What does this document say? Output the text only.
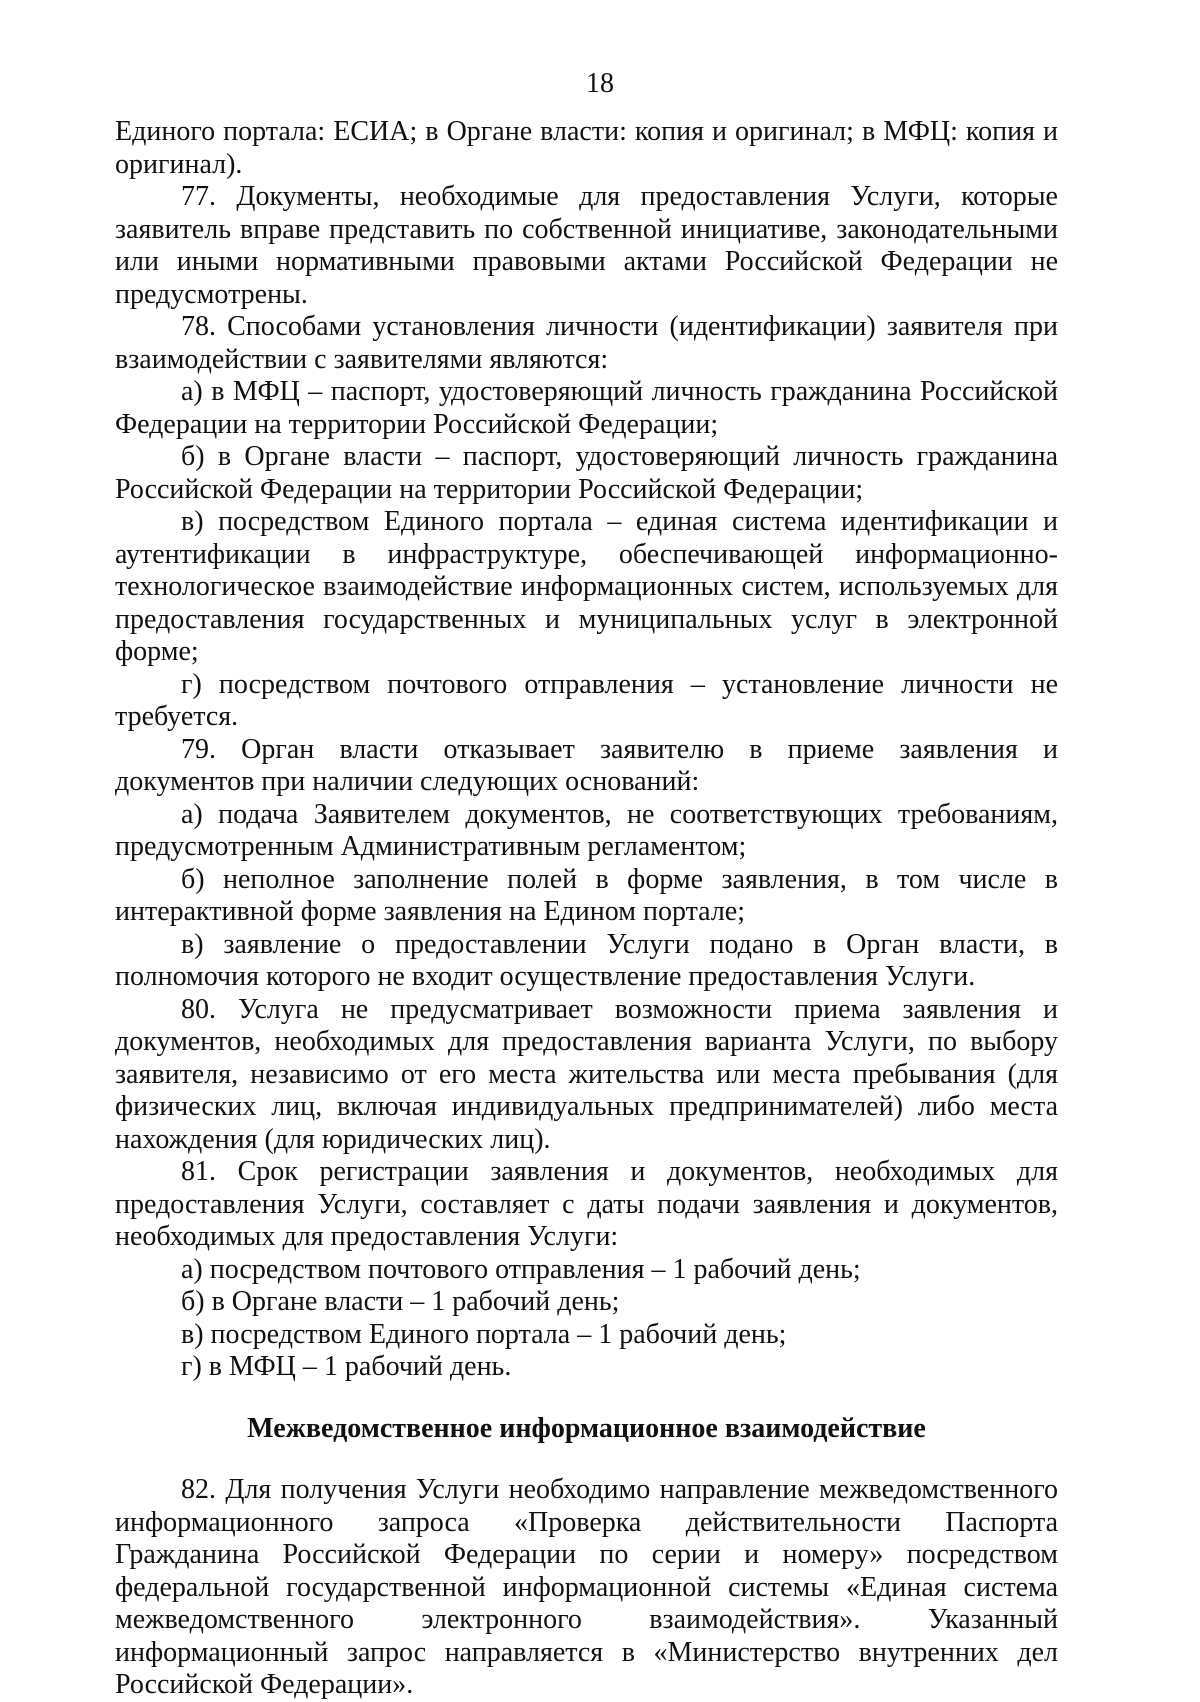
18

Единого портала: ЕСИА; в Органе власти: копия и оригинал; в МФЦ: копия и оригинал).

77. Документы, необходимые для предоставления Услуги, которые заявитель вправе представить по собственной инициативе, законодательными или иными нормативными правовыми актами Российской Федерации не предусмотрены.

78. Способами установления личности (идентификации) заявителя при взаимодействии с заявителями являются:

а) в МФЦ – паспорт, удостоверяющий личность гражданина Российской Федерации на территории Российской Федерации;

б) в Органе власти – паспорт, удостоверяющий личность гражданина Российской Федерации на территории Российской Федерации;

в) посредством Единого портала – единая система идентификации и аутентификации в инфраструктуре, обеспечивающей информационно-технологическое взаимодействие информационных систем, используемых для предоставления государственных и муниципальных услуг в электронной форме;

г) посредством почтового отправления – установление личности не требуется.

79. Орган власти отказывает заявителю в приеме заявления и документов при наличии следующих оснований:

а) подача Заявителем документов, не соответствующих требованиям, предусмотренным Административным регламентом;

б) неполное заполнение полей в форме заявления, в том числе в интерактивной форме заявления на Едином портале;

в) заявление о предоставлении Услуги подано в Орган власти, в полномочия которого не входит осуществление предоставления Услуги.

80. Услуга не предусматривает возможности приема заявления и документов, необходимых для предоставления варианта Услуги, по выбору заявителя, независимо от его места жительства или места пребывания (для физических лиц, включая индивидуальных предпринимателей) либо места нахождения (для юридических лиц).

81. Срок регистрации заявления и документов, необходимых для предоставления Услуги, составляет с даты подачи заявления и документов, необходимых для предоставления Услуги:

а) посредством почтового отправления – 1 рабочий день;

б) в Органе власти – 1 рабочий день;

в) посредством Единого портала – 1 рабочий день;

г) в МФЦ – 1 рабочий день.

Межведомственное информационное взаимодействие

82. Для получения Услуги необходимо направление межведомственного информационного запроса «Проверка действительности Паспорта Гражданина Российской Федерации по серии и номеру» посредством федеральной государственной информационной системы «Единая система межведомственного электронного взаимодействия». Указанный информационный запрос направляется в «Министерство внутренних дел Российской Федерации».
